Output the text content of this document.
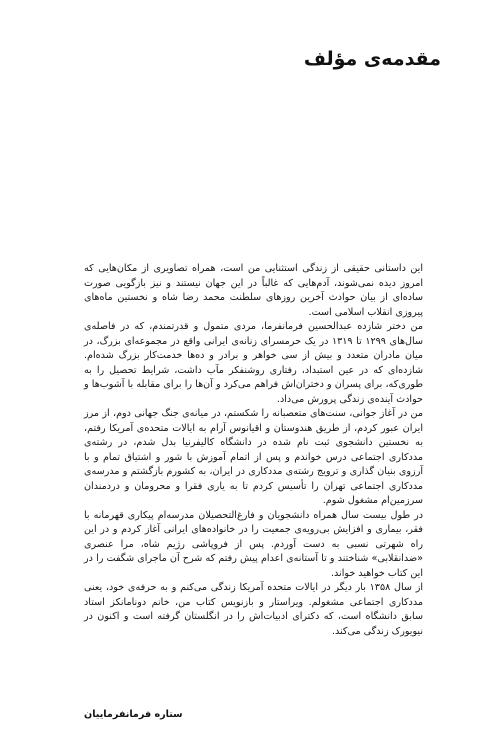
مقدمه‌ی مؤلف

این داستانی حقیقی از زندگی استثنایی من است، همراه تصاویری از مکان‌هایی که امروز دیده نمی‌شوند، آدم‌هایی که غالباً در این جهان نیستند و نیز بازگویی صورت ساده‌ای از بیان حوادث آخرین روزهای سلطنت محمد رضا شاه و نخستین ماه‌های پیروزی انقلاب اسلامی است.

من دختر شازده عبدالحسین فرمانفرما، مردی متمول و قدرتمندم، که در فاصله‌ی سال‌های ۱۲۹۹ تا ۱۳۱۹ در یک حرمسرای زنانه‌ی ایرانی واقع در مجموعه‌ای بزرگ، در میان مادران متعدد و بیش از سی خواهر و برادر و ده‌ها خدمت‌کار بزرگ شده‌ام. شازده‌ای که در عین استبداد، رفتاری روشنفکر مآب داشت، شرایط تحصیل را به طوری‌که، برای پسران و دختران‌اش فراهم می‌کرد و آن‌ها را برای مقابله با آشوب‌ها و حوادث آینده‌ی زندگی پرورش می‌داد.

من در آغاز جوانی، سنت‌های متعصبانه را شکستم، در میانه‌ی جنگ جهانی دوم، از مرز ایران عبور کردم، از طریق هندوستان و اقیانوس آرام به ایالات متحده‌ی آمریکا رفتم، به نخستین دانشجوی ثبت نام شده در دانشگاه کالیفرنیا بدل شدم، در رشته‌ی مددکاری اجتماعی درس خواندم و پس از اتمام آموزش با شور و اشتیاق تمام و با آرزوی بنیان گذاری و ترویج رشته‌ی مددکاری در ایران، به کشورم بازگشتم و مدرسه‌ی مددکاری اجتماعی تهران را تأسیس کردم تا به یاری فقرا و محرومان و دردمندان سرزمین‌ام مشغول شوم.

در طول بیست سال همراه دانشجویان و فارغ‌التحصیلان مدرسه‌ام پیکاری قهرمانه با فقر، بیماری و افزایش بی‌رویه‌ی جمعیت را در خانواده‌های ایرانی آغاز کردم و در این راه شهرتی نسبی به دست آوردم. پس از فروپاشی رژیم شاه، مرا عنصری «ضدانقلابی» شناختند و تا آستانه‌ی اعدام پیش رفتم که شرح آن ماجرای شگفت را در این کتاب خواهید خواند.

از سال ۱۳۵۸ بار دیگر در ایالات متحده آمریکا زندگی می‌کنم و به حرفه‌ی خود، یعنی مددکاری اجتماعی مشغولم. ویراستار و بازنویس کتاب من، خانم دونامانکز استاد سابق دانشگاه است، که دکترای ادبیات‌اش را در انگلستان گرفته است و اکنون در نیویورک زندگی می‌کند.

ستاره فرمانفرماییان
